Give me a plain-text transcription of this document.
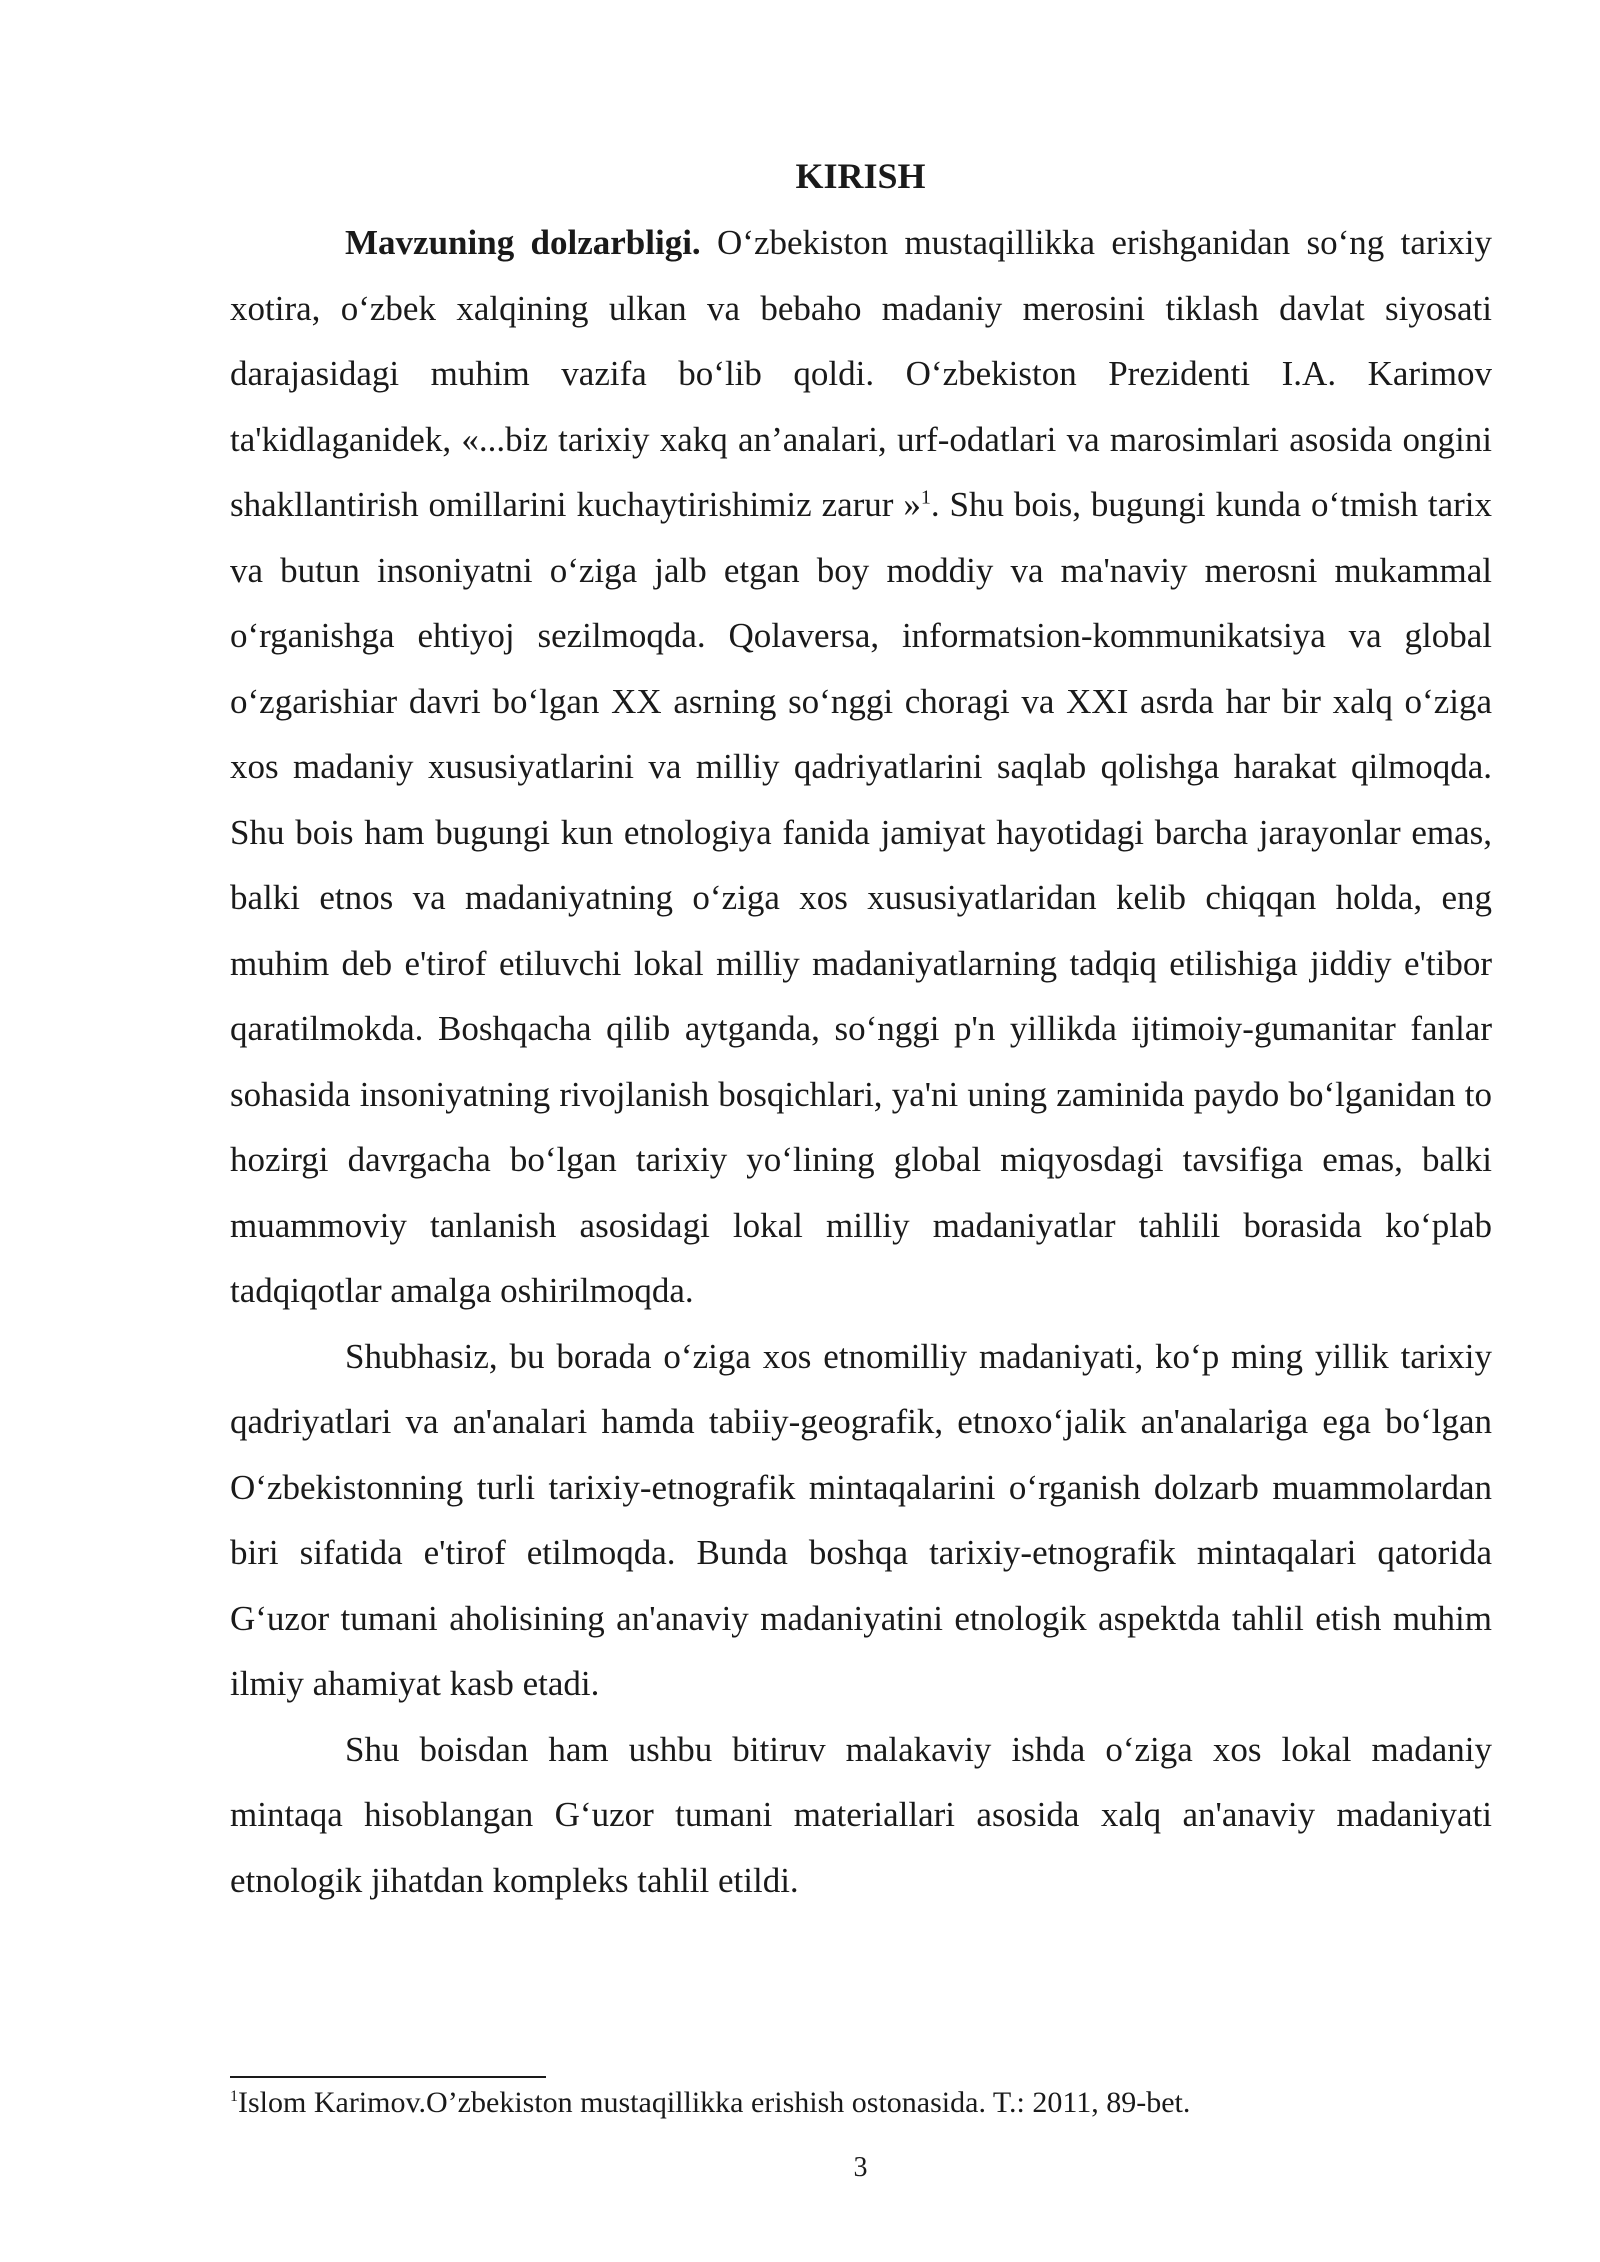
KIRISH

Mavzuning dolzarbligi. O‘zbekiston mustaqillikka erishganidan so‘ng tarixiy xotira, o‘zbek xalqining ulkan va bebaho madaniy merosini tiklash davlat siyosati darajasidagi muhim vazifa bo‘lib qoldi. O‘zbekiston Prezidenti I.A. Karimov ta'kidlaganidek, «...biz tarixiy xakq an’analari, urf-odatlari va marosimlari asosida ongini shakllantirish omillarini kuchaytirishimiz zarur »$^1$. Shu bois, bugungi kunda o‘tmish tarix va butun insoniyatni o‘ziga jalb etgan boy moddiy va ma'naviy merosni mukammal o‘rganishga ehtiyoj sezilmoqda. Qolaversa, informatsion-kommunikatsiya va global o‘zgarishiar davri bo‘lgan XX asrning so‘nggi choragi va XXI asrda har bir xalq o‘ziga xos madaniy xususiyatlarini va milliy qadriyatlarini saqlab qolishga harakat qilmoqda. Shu bois ham bugungi kun etnologiya fanida jamiyat hayotidagi barcha jarayonlar emas, balki etnos va madaniyatning o‘ziga xos xususiyatlaridan kelib chiqqan holda, eng muhim deb e'tirof etiluvchi lokal milliy madaniyatlarning tadqiq etilishiga jiddiy e'tibor qaratilmokda. Boshqacha qilib aytganda, so‘nggi p'n yillikda ijtimoiy-gumanitar fanlar sohasida insoniyatning rivojlanish bosqichlari, ya'ni uning zaminida paydo bo‘lganidan to hozirgi davrgacha bo‘lgan tarixiy yo‘lining global miqyosdagi tavsifiga emas, balki muammoviy tanlanish asosidagi lokal milliy madaniyatlar tahlili borasida ko‘plab tadqiqotlar amalga oshirilmoqda.

Shubhasiz, bu borada o‘ziga xos etnomilliy madaniyati, ko‘p ming yillik tarixiy qadriyatlari va an'analari hamda tabiiy-geografik, etnoxo‘jalik an'analariga ega bo‘lgan O‘zbekistonning turli tarixiy-etnografik mintaqalarini o‘rganish dolzarb muammolardan biri sifatida e'tirof etilmoqda. Bunda boshqa tarixiy-etnografik mintaqalari qatorida G‘uzor tumani aholisining an'anaviy madaniyatini etnologik aspektda tahlil etish muhim ilmiy ahamiyat kasb etadi.

Shu boisdan ham ushbu bitiruv malakaviy ishda o‘ziga xos lokal madaniy mintaqa hisoblangan G‘uzor tumani materiallari asosida xalq an'anaviy madaniyati etnologik jihatdan kompleks tahlil etildi.

$^1$Islom Karimov.O’zbekiston mustaqillikka erishish ostonasida. T.: 2011, 89-bet.

3
